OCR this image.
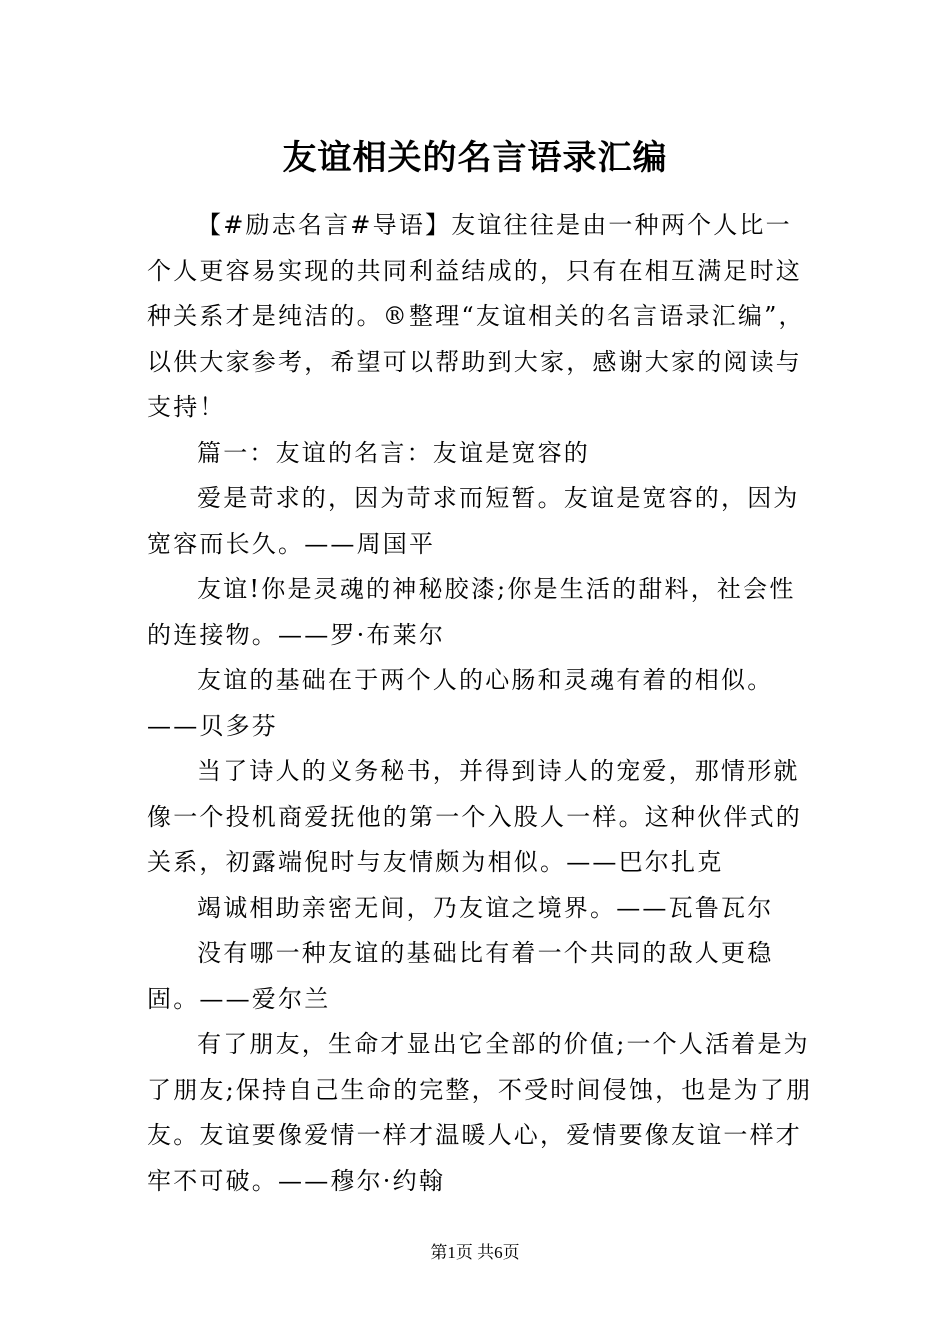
友谊相关的名言语录汇编

【#励志名言#导语】友谊往往是由一种两个人比一个人更容易实现的共同利益结成的，只有在相互满足时这种关系才是纯洁的。®整理“友谊相关的名言语录汇编”，以供大家参考，希望可以帮助到大家，感谢大家的阅读与支持！

篇一：友谊的名言：友谊是宽容的

爱是苛求的，因为苛求而短暂。友谊是宽容的，因为宽容而长久。——周国平

友谊!你是灵魂的神秘胶漆;你是生活的甜料，社会性的连接物。——罗·布莱尔

友谊的基础在于两个人的心肠和灵魂有着的相似。——贝多芬

当了诗人的义务秘书，并得到诗人的宠爱，那情形就像一个投机商爱抚他的第一个入股人一样。这种伙伴式的关系，初露端倪时与友情颇为相似。——巴尔扎克

竭诚相助亲密无间，乃友谊之境界。——瓦鲁瓦尔

没有哪一种友谊的基础比有着一个共同的敌人更稳固。——爱尔兰

有了朋友，生命才显出它全部的价值;一个人活着是为了朋友;保持自己生命的完整，不受时间侵蚀，也是为了朋友。友谊要像爱情一样才温暖人心，爱情要像友谊一样才牢不可破。——穆尔·约翰

第1页 共6页
